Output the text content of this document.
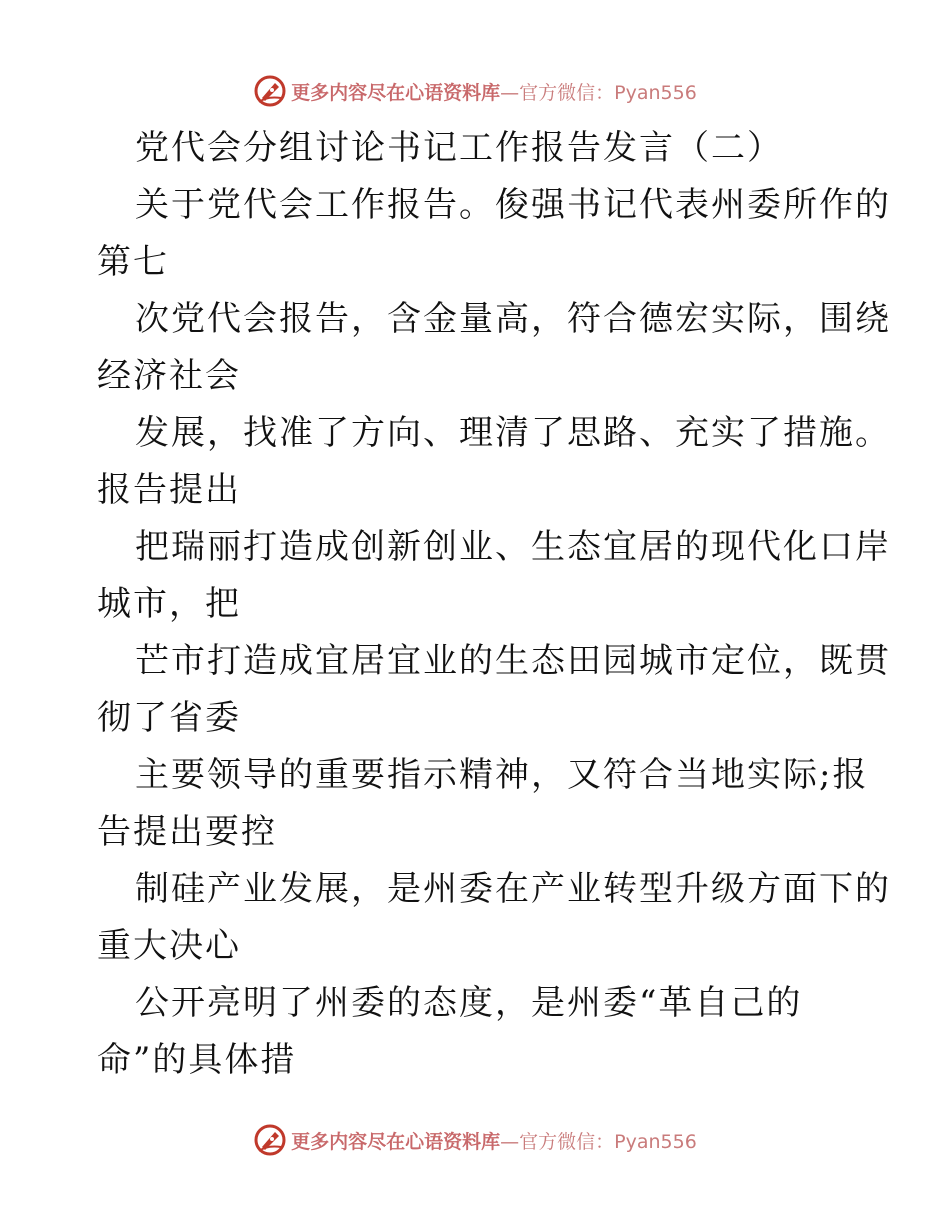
更多内容尽在心语资料库—官方微信：Pyan556
党代会分组讨论书记工作报告发言（二）
关于党代会工作报告。俊强书记代表州委所作的
第七
次党代会报告，含金量高，符合德宏实际，围绕
经济社会
发展，找准了方向、理清了思路、充实了措施。
报告提出
把瑞丽打造成创新创业、生态宜居的现代化口岸
城市，把
芒市打造成宜居宜业的生态田园城市定位，既贯
彻了省委
主要领导的重要指示精神，又符合当地实际;报
告提出要控
制硅产业发展，是州委在产业转型升级方面下的
重大决心
公开亮明了州委的态度，是州委“革自己的
命”的具体措
更多内容尽在心语资料库—官方微信：Pyan556
